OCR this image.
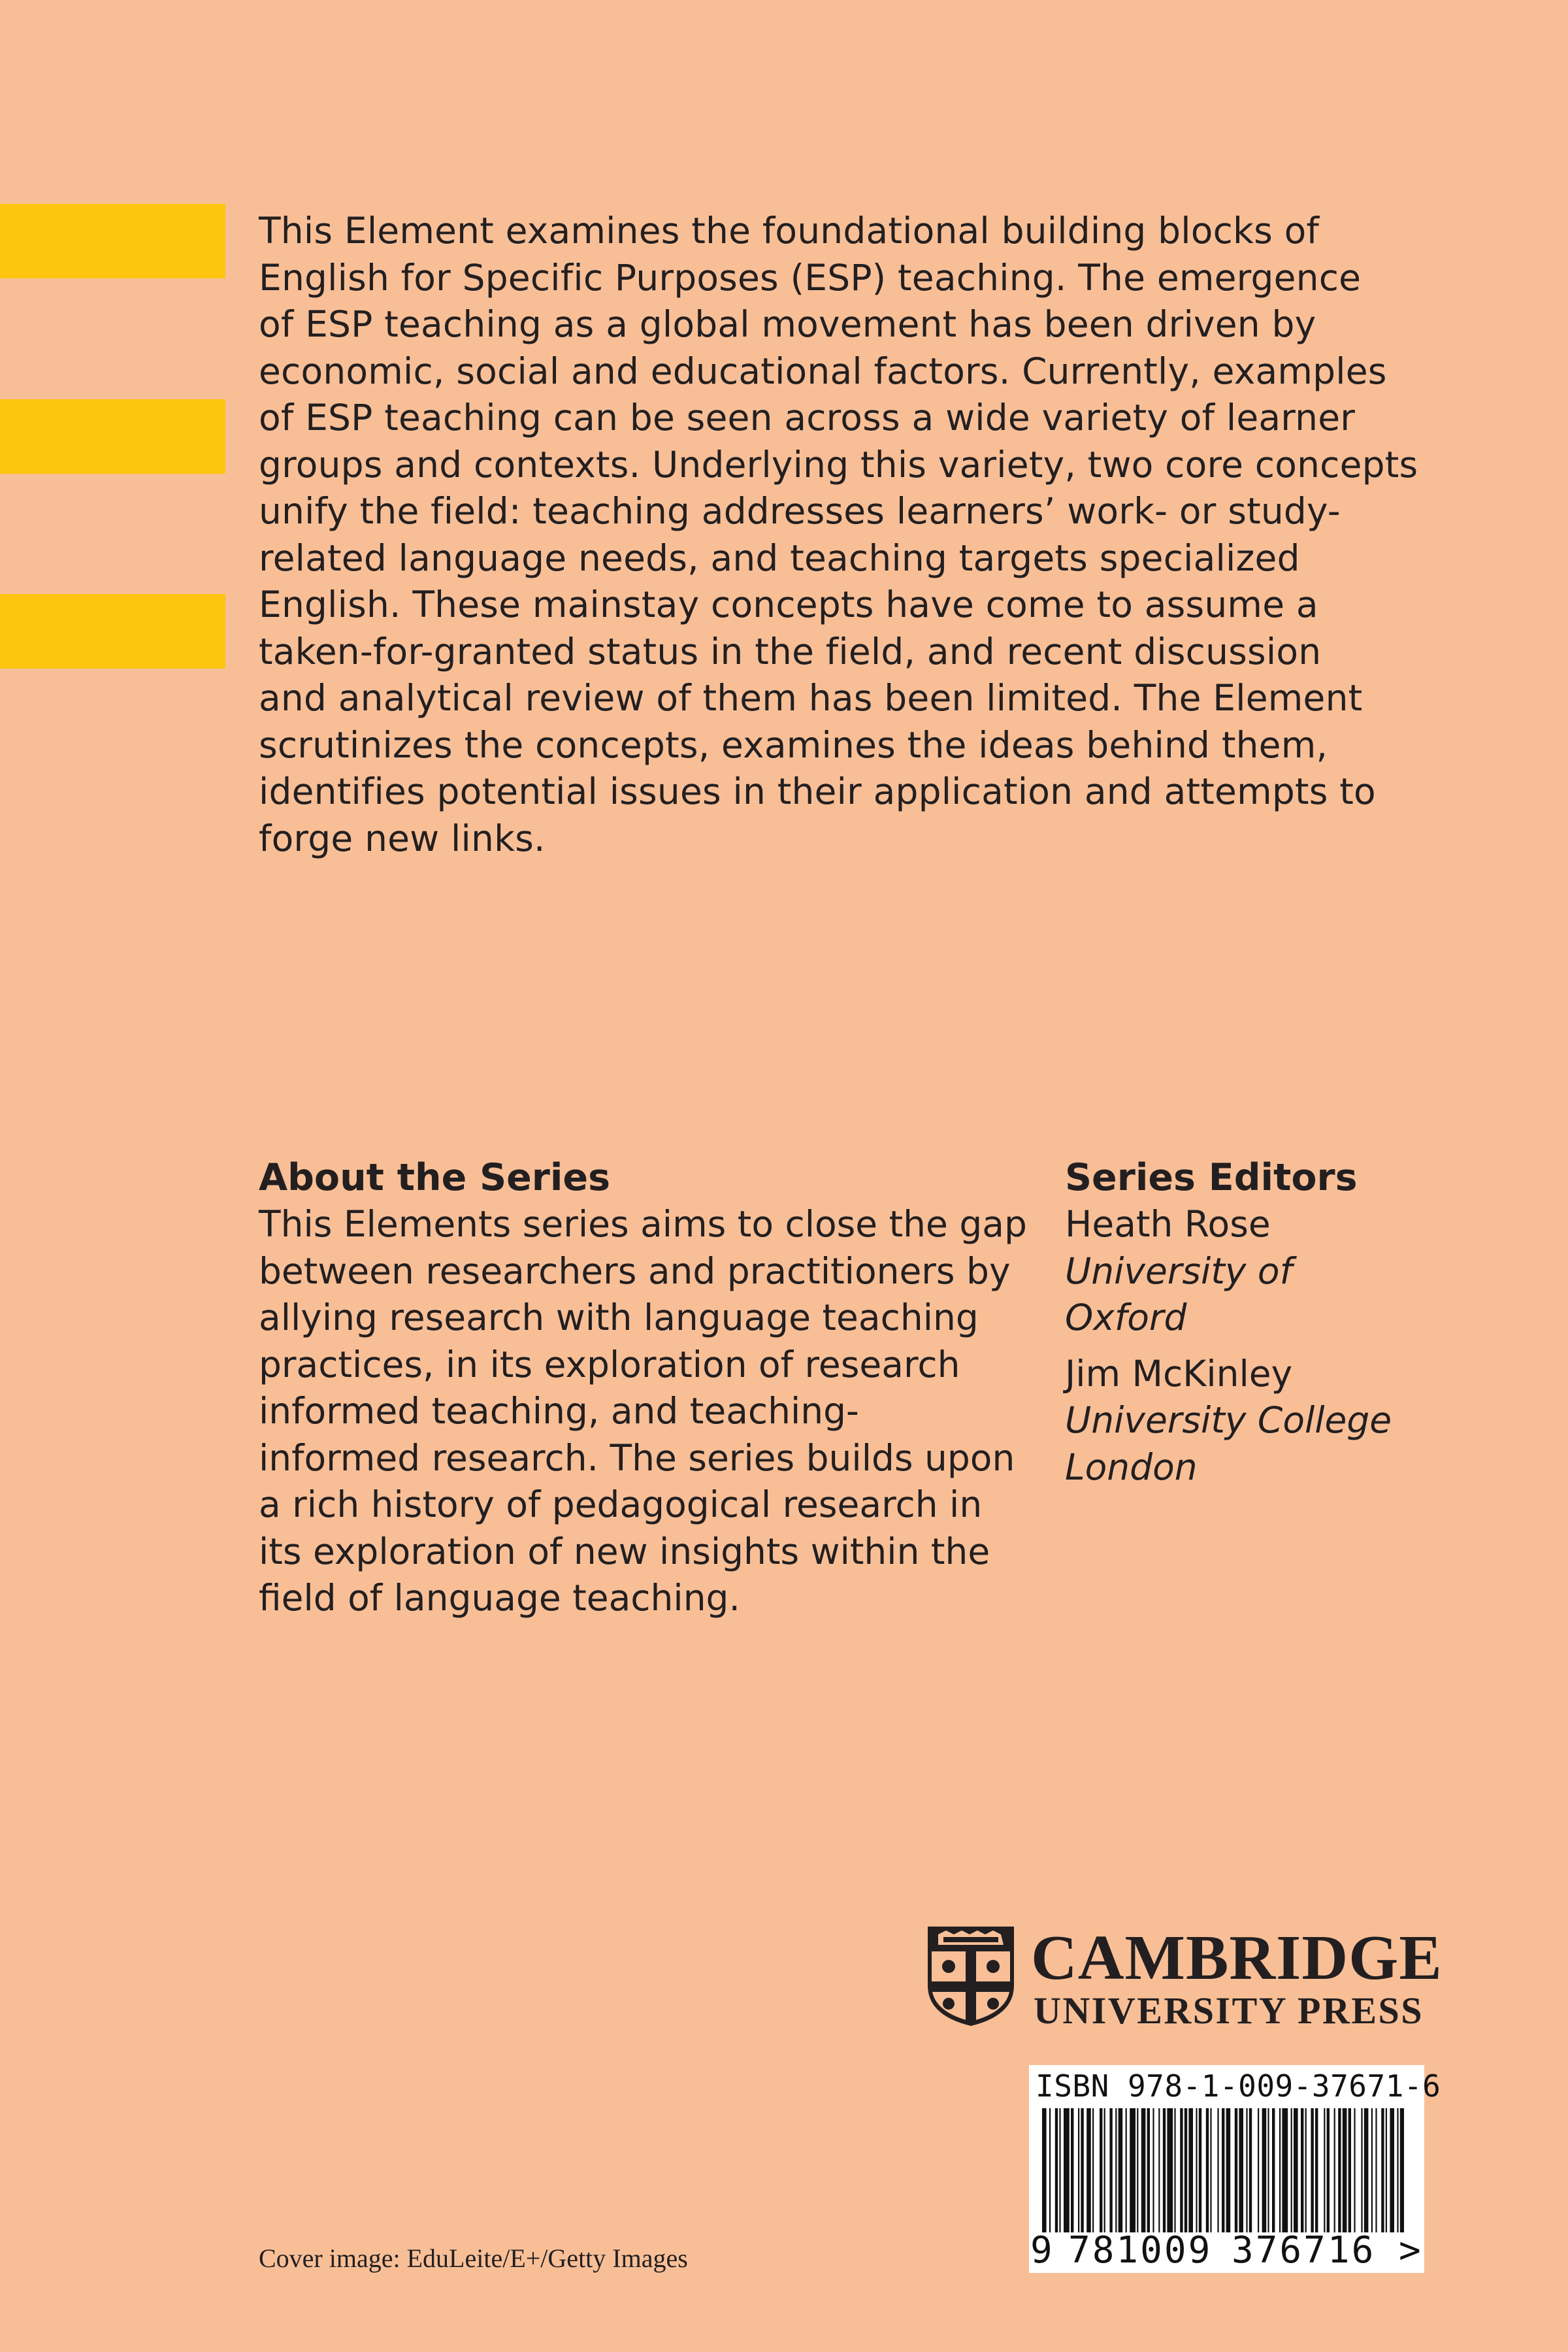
This Element examines the foundational building blocks of
English for Specific Purposes (ESP) teaching. The emergence
of ESP teaching as a global movement has been driven by
economic, social and educational factors. Currently, examples
of ESP teaching can be seen across a wide variety of learner
groups and contexts. Underlying this variety, two core concepts
unify the field: teaching addresses learners’ work- or study-
related language needs, and teaching targets specialized
English. These mainstay concepts have come to assume a
taken-for-granted status in the field, and recent discussion
and analytical review of them has been limited. The Element
scrutinizes the concepts, examines the ideas behind them,
identifies potential issues in their application and attempts to
forge new links.

About the Series

This Elements series aims to close the gap
between researchers and practitioners by
allying research with language teaching
practices, in its exploration of research
informed teaching, and teaching-
informed research. The series builds upon
a rich history of pedagogical research in
its exploration of new insights within the
field of language teaching.

Series Editors
Heath Rose
University of
Oxford
Jim McKinley
University College
London
CAMBRIDGE
UNIVERSITY PRESS
ISBN 978-1-009-37671-6
9 781009 376716 >
Cover image: EduLeite/E+/Getty Images
